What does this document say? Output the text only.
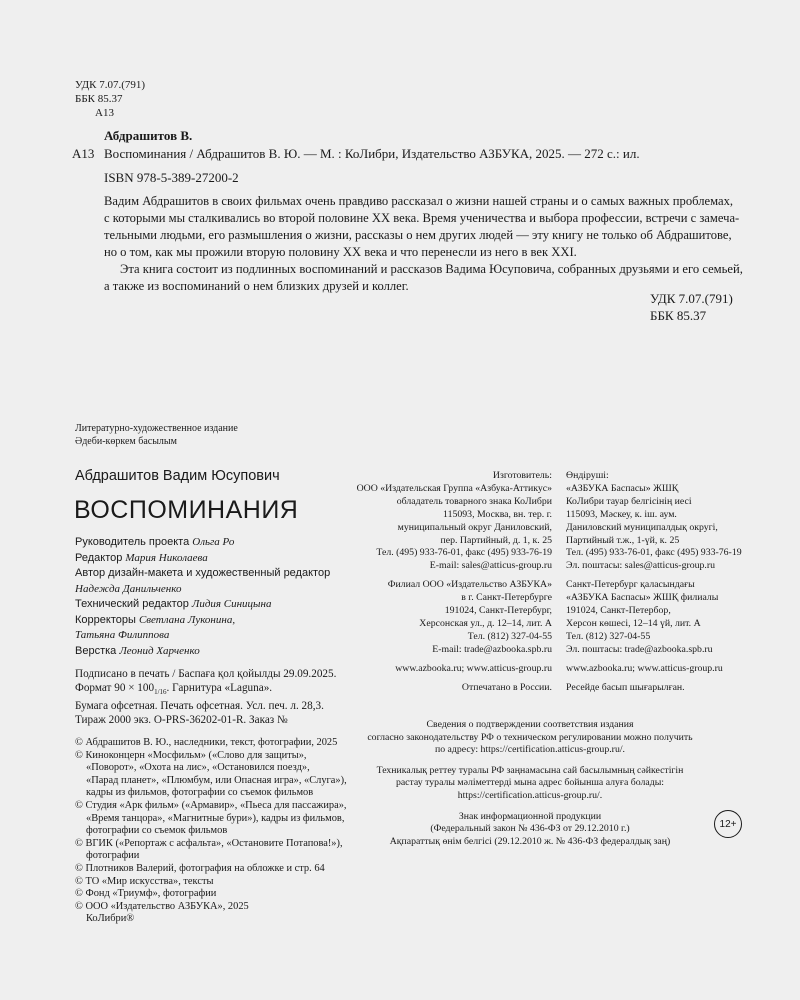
УДК 7.07.(791)
ББК 85.37
А13
Абдрашитов В.
А13 Воспоминания / Абдрашитов В. Ю. — М. : КоЛибри, Издательство АЗБУКА, 2025. — 272 с.: ил.
ISBN 978-5-389-27200-2
Вадим Абдрашитов в своих фильмах очень правдиво рассказал о жизни нашей страны и о самых важных проблемах,
с которыми мы сталкивались во второй половине XX века. Время ученичества и выбора профессии, встречи с замеча-
тельными людьми, его размышления о жизни, рассказы о нем других людей — эту книгу не только об Абдрашитове,
но о том, как мы прожили вторую половину XX века и что перенесли из него в век XXI.
Эта книга состоит из подлинных воспоминаний и рассказов Вадима Юсуповича, собранных друзьями и его семьей,
а также из воспоминаний о нем близких друзей и коллег.
УДК 7.07.(791)
ББК 85.37
Литературно-художественное издание
Әдеби-көркем басылым
Абдрашитов Вадим Юсупович
ВОСПОМИНАНИЯ
Руководитель проекта Ольга Ро
Редактор Мария Николаева
Автор дизайн-макета и художественный редактор
Надежда Данильченко
Технический редактор Лидия Синицына
Корректоры Светлана Луконина,
Татьяна Филиппова
Верстка Леонид Харченко
Подписано в печать / Баспаға қол қойылды 29.09.2025.
Формат $90 \times 100_{1/16}$. Гарнитура «Lagunа».
Бумага офсетная. Печать офсетная. Усл. печ. л. 28,3.
Тираж 2000 экз. О-PRS-36202-01-R. Заказ №
© Абдрашитов В. Ю., наследники, текст, фотографии, 2025
© Киноконцерн «Мосфильм» («Слово для защиты»,
«Поворот», «Охота на лис», «Остановился поезд»,
«Парад планет», «Плюмбум, или Опасная игра», «Слуга»),
кадры из фильмов, фотографии со съемок фильмов
© Студия «Арк фильм» («Армавир», «Пьеса для пассажира»,
«Время танцора», «Магнитные бури»), кадры из фильмов,
фотографии со съемок фильмов
© ВГИК («Репортаж с асфальта», «Остановите Потапова!»),
фотографии
© Плотников Валерий, фотография на обложке и стр. 64
© ТО «Мир искусства», тексты
© Фонд «Триумф», фотографии
© ООО «Издательство АЗБУКА», 2025
КоЛибри®
Изготовитель:
ООО «Издательская Группа «Азбука-Аттикус»
обладатель товарного знака КоЛибри
115093, Москва, вн. тер. г.
муниципальный округ Даниловский,
пер. Партийный, д. 1, к. 25
Тел. (495) 933-76-01, факс (495) 933-76-19
E-mail: sales@atticus-group.ru
Филиал ООО «Издательство АЗБУКА»
в г. Санкт-Петербурге
191024, Санкт-Петербург,
Херсонская ул., д. 12–14, лит. А
Тел. (812) 327-04-55
E-mail: trade@azbooka.spb.ru
www.azbooka.ru; www.atticus-group.ru
Отпечатано в России.
Өндіруші:
«АЗБУКА Баспасы» ЖШҚ
КоЛибри тауар белгісінің иесі
115093, Мәскеу, к. іш. аум.
Даниловский муниципалдық округі,
Партийный т.ж., 1-үй, к. 25
Тел. (495) 933-76-01, факс (495) 933-76-19
Эл. поштасы: sales@atticus-group.ru
Санкт-Петербург қаласындағы
«АЗБУКА Баспасы» ЖШҚ филиалы
191024, Санкт-Петербор,
Херсон көшесі, 12–14 үй, лит. А
Тел. (812) 327-04-55
Эл. поштасы: trade@azbooka.spb.ru
www.azbooka.ru; www.atticus-group.ru
Ресейде басып шығарылған.
Сведения о подтверждении соответствия издания
согласно законодательству РФ о техническом регулировании можно получить
по адресу: https://certification.atticus-group.ru/.
Техникалық реттеу туралы РФ заңнамасына сай басылымның сәйкестігін
растау туралы мәліметтерді мына адрес бойынша алуға болады:
https://certification.atticus-group.ru/.
Знак информационной продукции
(Федеральный закон № 436-ФЗ от 29.12.2010 г.)
Ақпараттық өнім белгісі (29.12.2010 ж. № 436-ФЗ федералдық заң)
12+
